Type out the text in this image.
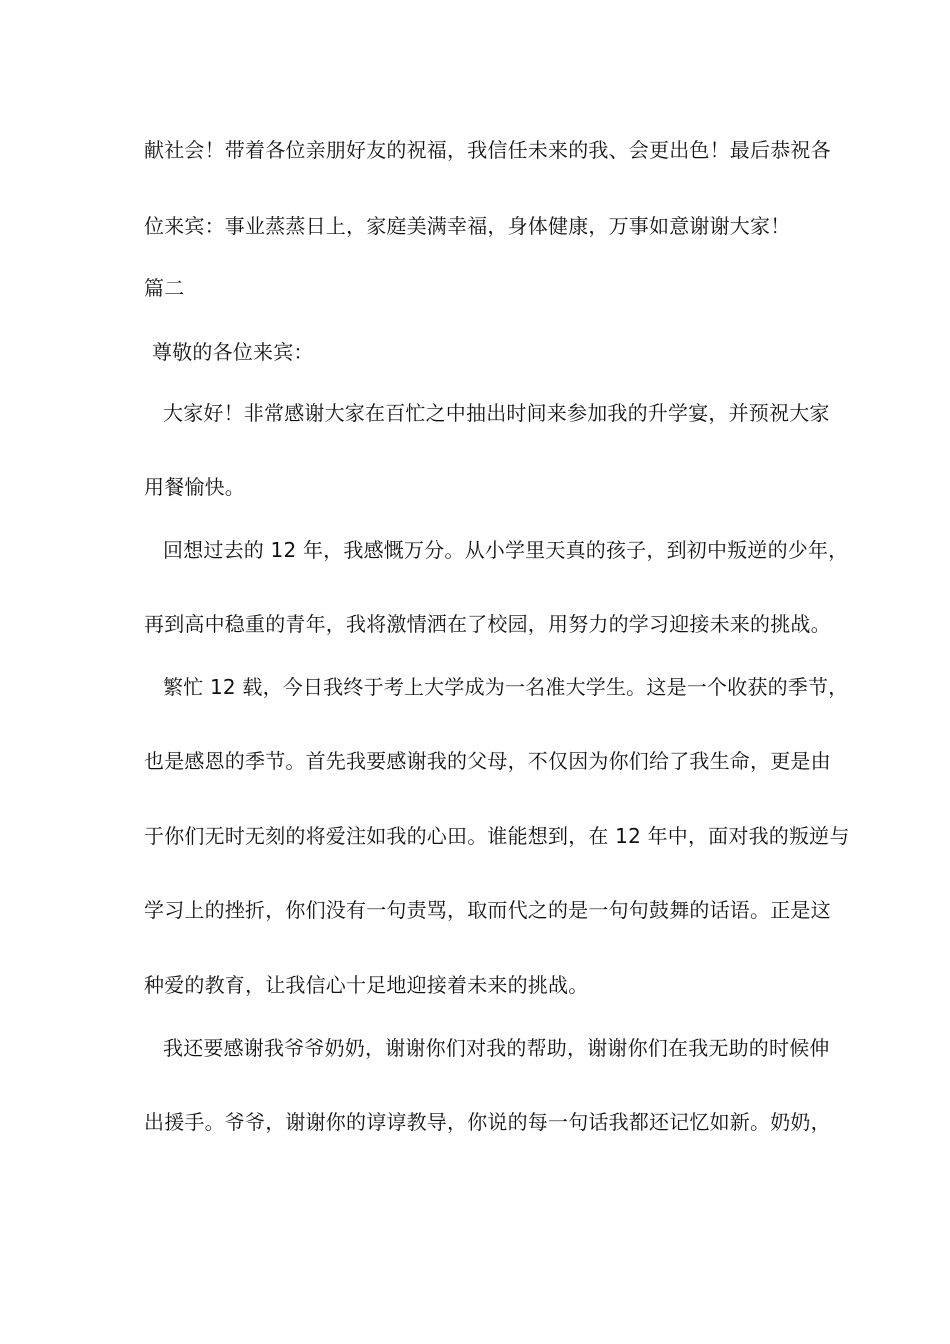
献社会！带着各位亲朋好友的祝福，我信任未来的我、会更出色！最后恭祝各
位来宾：事业蒸蒸日上，家庭美满幸福，身体健康，万事如意谢谢大家！
篇二
尊敬的各位来宾：
大家好！非常感谢大家在百忙之中抽出时间来参加我的升学宴，并预祝大家
用餐愉快。
回想过去的 12 年，我感慨万分。从小学里天真的孩子，到初中叛逆的少年，
再到高中稳重的青年，我将激情洒在了校园，用努力的学习迎接未来的挑战。
繁忙 12 载，今日我终于考上大学成为一名准大学生。这是一个收获的季节，
也是感恩的季节。首先我要感谢我的父母，不仅因为你们给了我生命，更是由
于你们无时无刻的将爱注如我的心田。谁能想到，在 12 年中，面对我的叛逆与
学习上的挫折，你们没有一句责骂，取而代之的是一句句鼓舞的话语。正是这
种爱的教育，让我信心十足地迎接着未来的挑战。
我还要感谢我爷爷奶奶，谢谢你们对我的帮助，谢谢你们在我无助的时候伸
出援手。爷爷，谢谢你的谆谆教导，你说的每一句话我都还记忆如新。奶奶，
